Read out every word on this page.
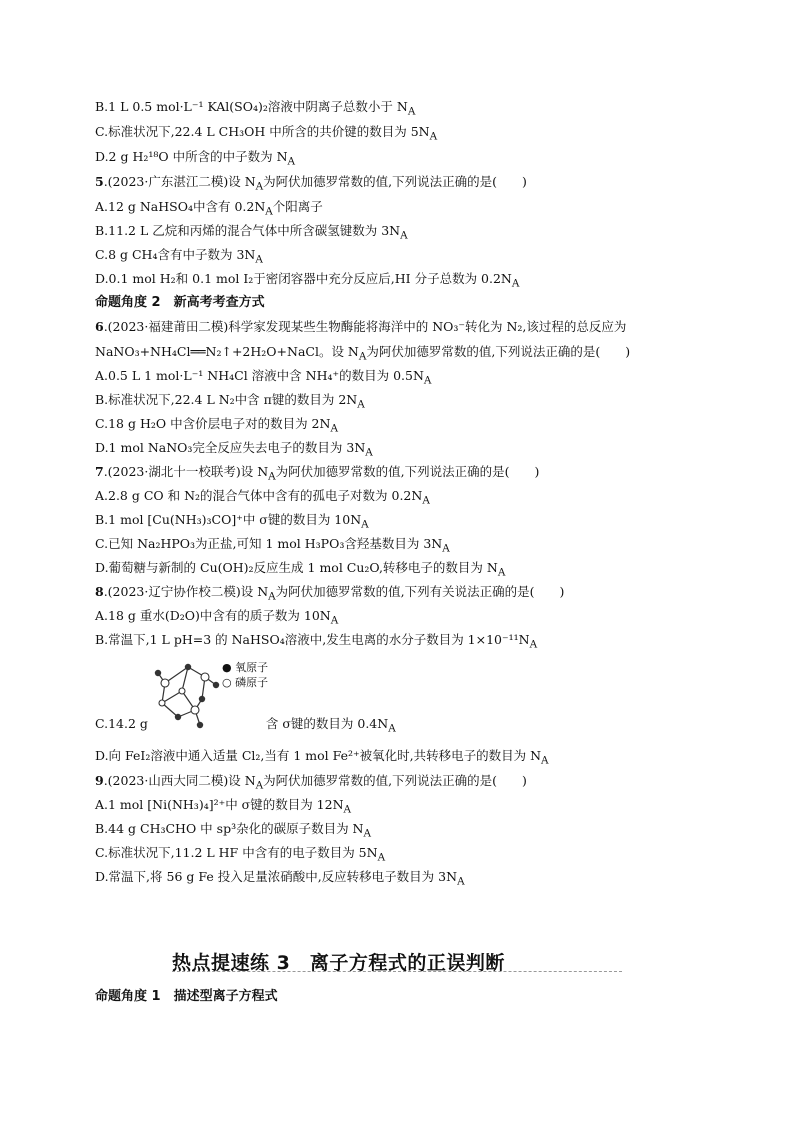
B.1 L 0.5 mol·L⁻¹ KAl(SO₄)₂溶液中阴离子总数小于 $N_A$
C.标准状况下,22.4 L CH₃OH 中所含的共价键的数目为 $5N_A$
D.2 g H₂¹⁸O 中所含的中子数为 $N_A$
5.(2023·广东湛江二模)设 $N_A$为阿伏加德罗常数的值,下列说法正确的是(　　)
A.12 g NaHSO₄中含有 $0.2N_A$个阳离子
B.11.2 L 乙烷和丙烯的混合气体中所含碳氢键数为 $3N_A$
C.8 g CH₄含有中子数为 $3N_A$
D.0.1 mol H₂和 0.1 mol I₂于密闭容器中充分反应后,HI 分子总数为 $0.2N_A$
命题角度 2　新高考考查方式
6.(2023·福建莆田二模)科学家发现某些生物酶能将海洋中的 NO₃⁻转化为 N₂,该过程的总反应为
NaNO₃+NH₄Cl══N₂↑+2H₂O+NaCl。设 $N_A$为阿伏加德罗常数的值,下列说法正确的是(　　)
A.0.5 L 1 mol·L⁻¹ NH₄Cl 溶液中含 NH₄⁺的数目为 $0.5N_A$
B.标准状况下,22.4 L N₂中含 π键的数目为 $2N_A$
C.18 g H₂O 中含价层电子对的数目为 $2N_A$
D.1 mol NaNO₃完全反应失去电子的数目为 $3N_A$
7.(2023·湖北十一校联考)设 $N_A$为阿伏加德罗常数的值,下列说法正确的是(　　)
A.2.8 g CO 和 N₂的混合气体中含有的孤电子对数为 $0.2N_A$
B.1 mol [Cu(NH₃)₃CO]⁺中 σ键的数目为 $10N_A$
C.已知 Na₂HPO₃为正盐,可知 1 mol H₃PO₃含羟基数目为 $3N_A$
D.葡萄糖与新制的 Cu(OH)₂反应生成 1 mol Cu₂O,转移电子的数目为 $N_A$
8.(2023·辽宁协作校二模)设 $N_A$为阿伏加德罗常数的值,下列有关说法正确的是(　　)
A.18 g 重水(D₂O)中含有的质子数为 $10N_A$
B.常温下,1 L pH=3 的 NaHSO₄溶液中,发生电离的水分子数目为 $1\times 10^{-11}N_A$
● 氧原子
○ 磷原子
C.14.2 g	含 σ键的数目为 $0.4N_A$
D.向 FeI₂溶液中通入适量 Cl₂,当有 1 mol Fe²⁺被氧化时,共转移电子的数目为 $N_A$
9.(2023·山西大同二模)设 $N_A$为阿伏加德罗常数的值,下列说法正确的是(　　)
A.1 mol [Ni(NH₃)₄]²⁺中 σ键的数目为 $12N_A$
B.44 g CH₃CHO 中 sp³杂化的碳原子数目为 $N_A$
C.标准状况下,11.2 L HF 中含有的电子数目为 $5N_A$
D.常温下,将 56 g Fe 投入足量浓硝酸中,反应转移电子数目为 $3N_A$
热点提速练 3　离子方程式的正误判断
命题角度 1　描述型离子方程式
